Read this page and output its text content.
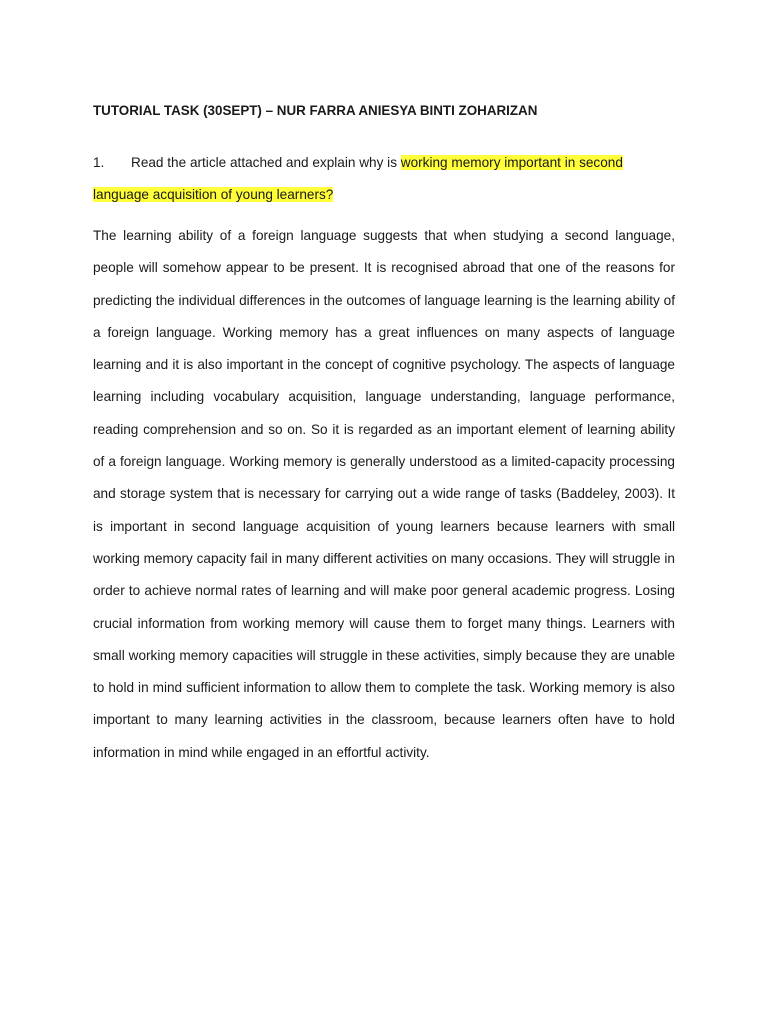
TUTORIAL TASK (30SEPT) – NUR FARRA ANIESYA BINTI ZOHARIZAN
1. Read the article attached and explain why is working memory important in second language acquisition of young learners?

The learning ability of a foreign language suggests that when studying a second language, people will somehow appear to be present. It is recognised abroad that one of the reasons for predicting the individual differences in the outcomes of language learning is the learning ability of a foreign language. Working memory has a great influences on many aspects of language learning and it is also important in the concept of cognitive psychology. The aspects of language learning including vocabulary acquisition, language understanding, language performance, reading comprehension and so on. So it is regarded as an important element of learning ability of a foreign language. Working memory is generally understood as a limited-capacity processing and storage system that is necessary for carrying out a wide range of tasks (Baddeley, 2003). It is important in second language acquisition of young learners because learners with small working memory capacity fail in many different activities on many occasions. They will struggle in order to achieve normal rates of learning and will make poor general academic progress. Losing crucial information from working memory will cause them to forget many things. Learners with small working memory capacities will struggle in these activities, simply because they are unable to hold in mind sufficient information to allow them to complete the task. Working memory is also important to many learning activities in the classroom, because learners often have to hold information in mind while engaged in an effortful activity.
